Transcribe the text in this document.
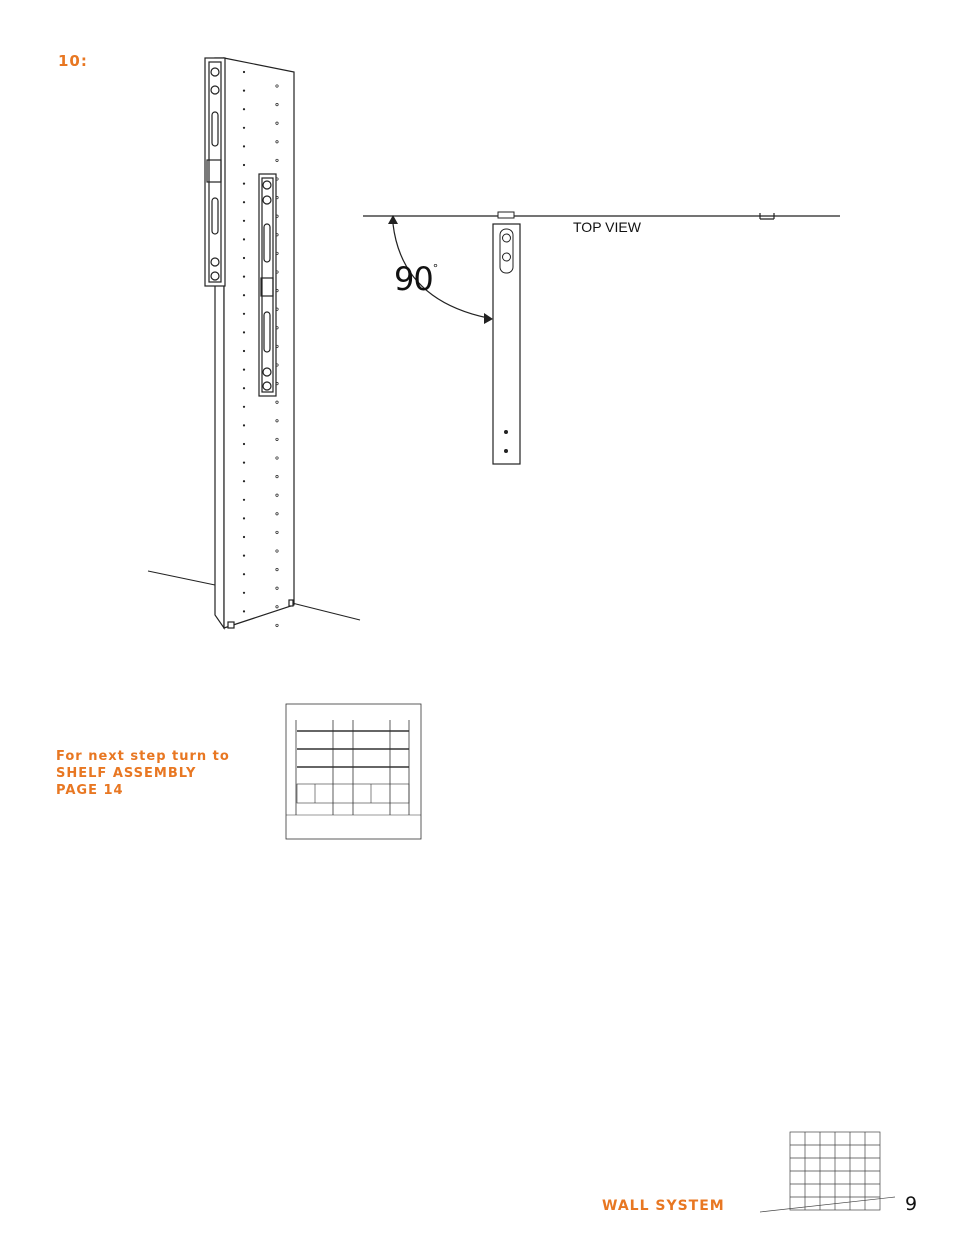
10:
TOP VIEW
90°
For next step turn to
SHELF ASSEMBLY
PAGE 14
WALL SYSTEM	9
